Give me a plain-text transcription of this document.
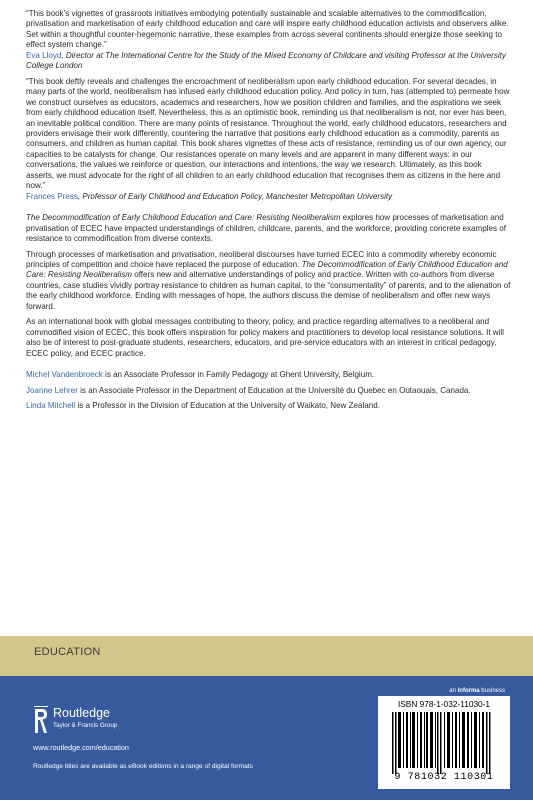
“This book’s vignettes of grassroots initiatives embodying potentially sustainable and scalable alternatives to the commodification, privatisation and marketisation of early childhood education and care will inspire early childhood education activists and observers alike. Set within a thoughtful counter-hegemonic narrative, these examples from across several continents should energize those seeking to effect system change.”

Eva Lloyd, Director at The International Centre for the Study of the Mixed Economy of Childcare and visiting Professor at the University College London

“This book deftly reveals and challenges the encroachment of neoliberalism upon early childhood education. For several decades, in many parts of the world, neoliberalism has infused early childhood education policy. And policy in turn, has (attempted to) permeate how we construct ourselves as educators, academics and researchers, how we position children and families, and the aspirations we seek from early childhood education itself. Nevertheless, this is an optimistic book, reminding us that neoliberalism is not, nor ever has been, an inevitable political condition. There are many points of resistance. Throughout the world, early childhood educators, researchers and providers envisage their work differently, countering the narrative that positions early childhood education as a commodity, parents as consumers, and children as human capital. This book shares vignettes of these acts of resistance, reminding us of our own agency, our capacities to be catalysts for change. Our resistances operate on many levels and are apparent in many different ways: in our conversations, the values we reinforce or question, our interactions and intentions, the way we research. Ultimately, as this book asserts, we must advocate for the right of all children to an early childhood education that recognises them as citizens in the here and now.”

Frances Press, Professor of Early Childhood and Education Policy, Manchester Metropolitan University

The Decommodification of Early Childhood Education and Care: Resisting Neoliberalism explores how processes of marketisation and privatisation of ECEC have impacted understandings of children, childcare, parents, and the workforce, providing concrete examples of resistance to commodification from diverse contexts.

Through processes of marketisation and privatisation, neoliberal discourses have turned ECEC into a commodity whereby economic principles of competition and choice have replaced the purpose of education. The Decommodification of Early Childhood Education and Care: Resisting Neoliberalism offers new and alternative understandings of policy and practice. Written with co-authors from diverse countries, case studies vividly portray resistance to children as human capital, to the “consumentality” of parents, and to the alienation of the early childhood workforce. Ending with messages of hope, the authors discuss the demise of neoliberalism and offer new ways forward.

As an international book with global messages contributing to theory, policy, and practice regarding alternatives to a neoliberal and commodified vision of ECEC, this book offers inspiration for policy makers and practitioners to develop local resistance solutions. It will also be of interest to post-graduate students, researchers, educators, and pre-service educators with an interest in critical pedagogy, ECEC policy, and ECEC practice.

Michel Vandenbroeck is an Associate Professor in Family Pedagogy at Ghent University, Belgium.

Joanne Lehrer is an Associate Professor in the Department of Education at the Université du Quebec en Outaouais, Canada.

Linda Mitchell is a Professor in the Division of Education at the University of Waikato, New Zealand.

EDUCATION
an informa business
Routledge
Taylor & Francis Group
www.routledge.com/education
Routledge titles are available as eBook editions in a range of digital formats
ISBN 978-1-032-11030-1
9 781032 110301
